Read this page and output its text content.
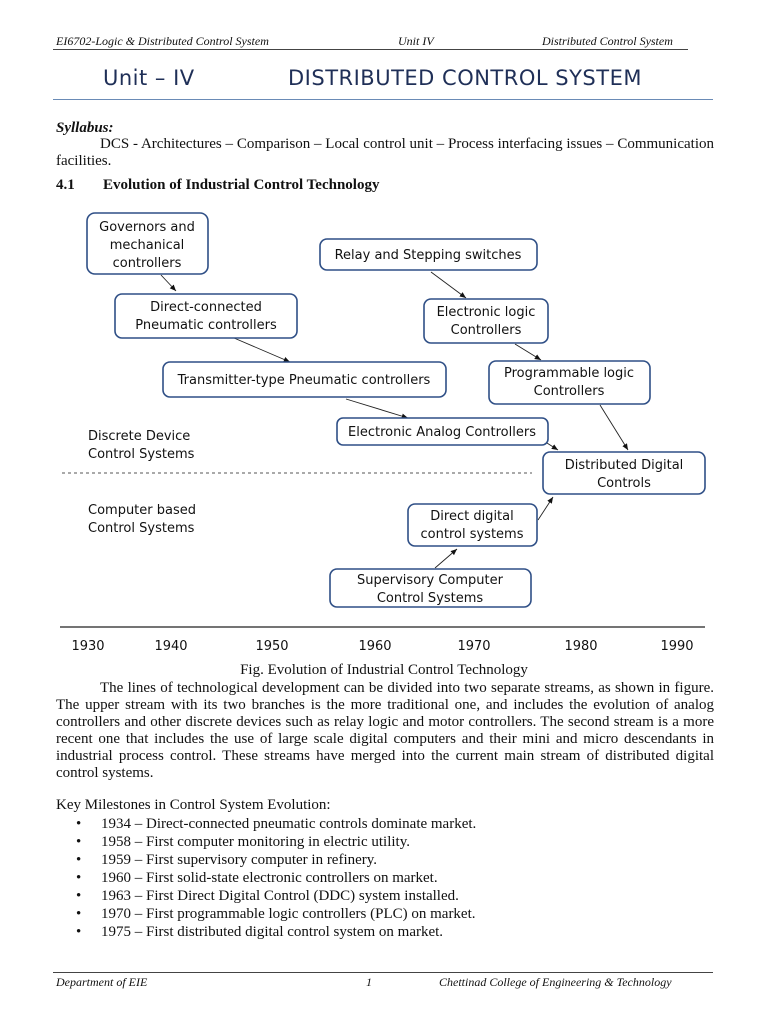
EI6702-Logic & Distributed Control System	Unit IV	Distributed Control System
Unit – IV	DISTRIBUTED CONTROL SYSTEM
Syllabus:
DCS - Architectures – Comparison – Local control unit – Process interfacing issues – Communication facilities.
4.1 Evolution of Industrial Control Technology
Governors and
mechanical
controllers
Relay and Stepping switches
Direct-connected
Pneumatic controllers
Electronic logic
Controllers
Programmable logic
Controllers
Transmitter-type Pneumatic controllers
Electronic Analog Controllers
Distributed Digital
Controls
Direct digital
control systems
Supervisory Computer
Control Systems
Discrete Device
Control Systems
Computer based
Control Systems
1930	1940	1950	1960	1970	1980	1990
Fig. Evolution of Industrial Control Technology
The lines of technological development can be divided into two separate streams, as shown in figure. The upper stream with its two branches is the more traditional one, and includes the evolution of analog controllers and other discrete devices such as relay logic and motor controllers. The second stream is a more recent one that includes the use of large scale digital computers and their mini and micro descendants in industrial process control. These streams have merged into the current main stream of distributed digital control systems.
Key Milestones in Control System Evolution:
• 1934 – Direct-connected pneumatic controls dominate market.
• 1958 – First computer monitoring in electric utility.
• 1959 – First supervisory computer in refinery.
• 1960 – First solid-state electronic controllers on market.
• 1963 – First Direct Digital Control (DDC) system installed.
• 1970 – First programmable logic controllers (PLC) on market.
• 1975 – First distributed digital control system on market.
Department of EIE	1	Chettinad College of Engineering & Technology
